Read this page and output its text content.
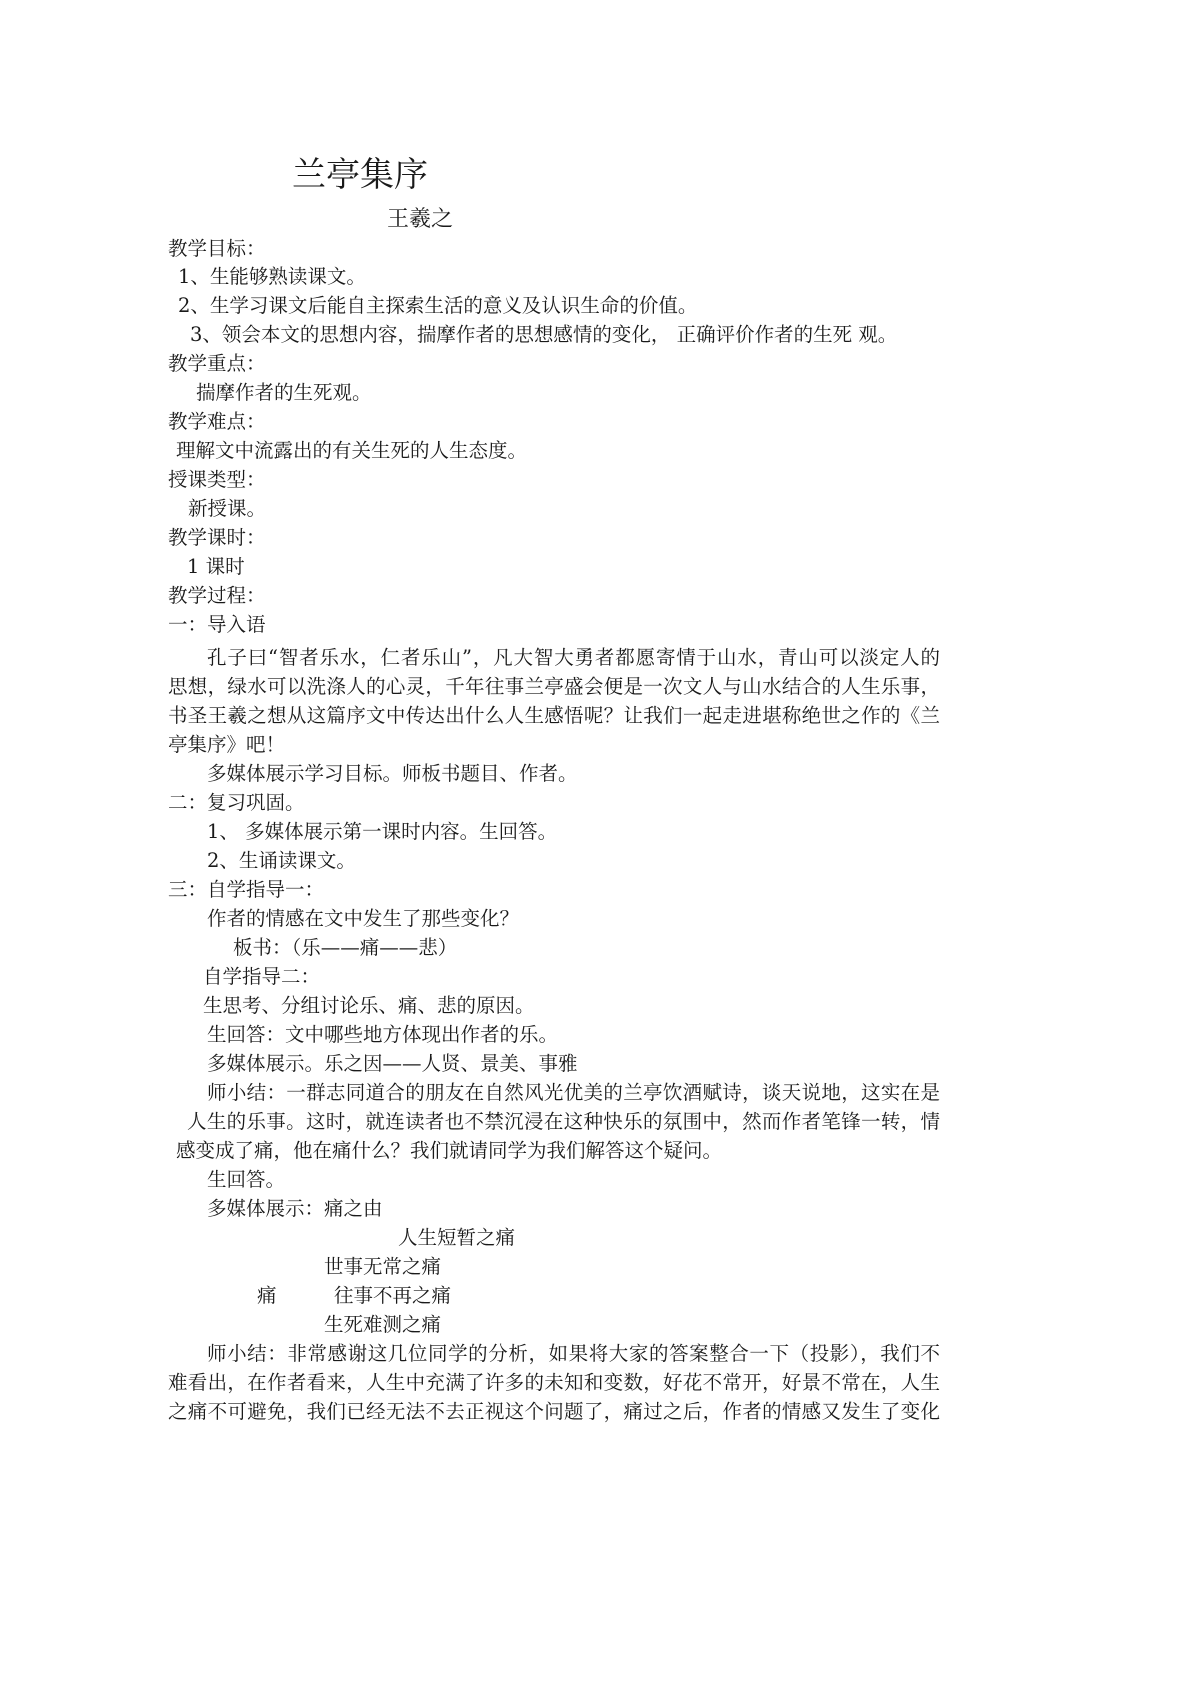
兰亭集序
王羲之
教学目标：
1、生能够熟读课文。
2、生学习课文后能自主探索生活的意义及认识生命的价值。
3、领会本文的思想内容，揣摩作者的思想感情的变化， 正确评价作者的生死 观。
教学重点：
揣摩作者的生死观。
教学难点：
理解文中流露出的有关生死的人生态度。
授课类型：
新授课。
教学课时：
1 课时
教学过程：
一：导入语
孔子曰“智者乐水，仁者乐山”，凡大智大勇者都愿寄情于山水，青山可以淡定人的
思想，绿水可以洗涤人的心灵，千年往事兰亭盛会便是一次文人与山水结合的人生乐事，
书圣王羲之想从这篇序文中传达出什么人生感悟呢？让我们一起走进堪称绝世之作的《兰
亭集序》吧！
多媒体展示学习目标。师板书题目、作者。
二：复习巩固。
1、 多媒体展示第一课时内容。生回答。
2、生诵读课文。
三：自学指导一：
作者的情感在文中发生了那些变化？
板书：（乐——痛——悲）
自学指导二：
生思考、分组讨论乐、痛、悲的原因。
生回答：文中哪些地方体现出作者的乐。
多媒体展示。乐之因——人贤、景美、事雅
师小结：一群志同道合的朋友在自然风光优美的兰亭饮酒赋诗，谈天说地，这实在是
人生的乐事。这时，就连读者也不禁沉浸在这种快乐的氛围中，然而作者笔锋一转，情
感变成了痛，他在痛什么？我们就请同学为我们解答这个疑问。
生回答。
多媒体展示：痛之由
人生短暂之痛
世事无常之痛
痛	往事不再之痛
生死难测之痛
师小结：非常感谢这几位同学的分析，如果将大家的答案整合一下（投影），我们不
难看出，在作者看来，人生中充满了许多的未知和变数，好花不常开，好景不常在，人生
之痛不可避免，我们已经无法不去正视这个问题了，痛过之后，作者的情感又发生了变化
